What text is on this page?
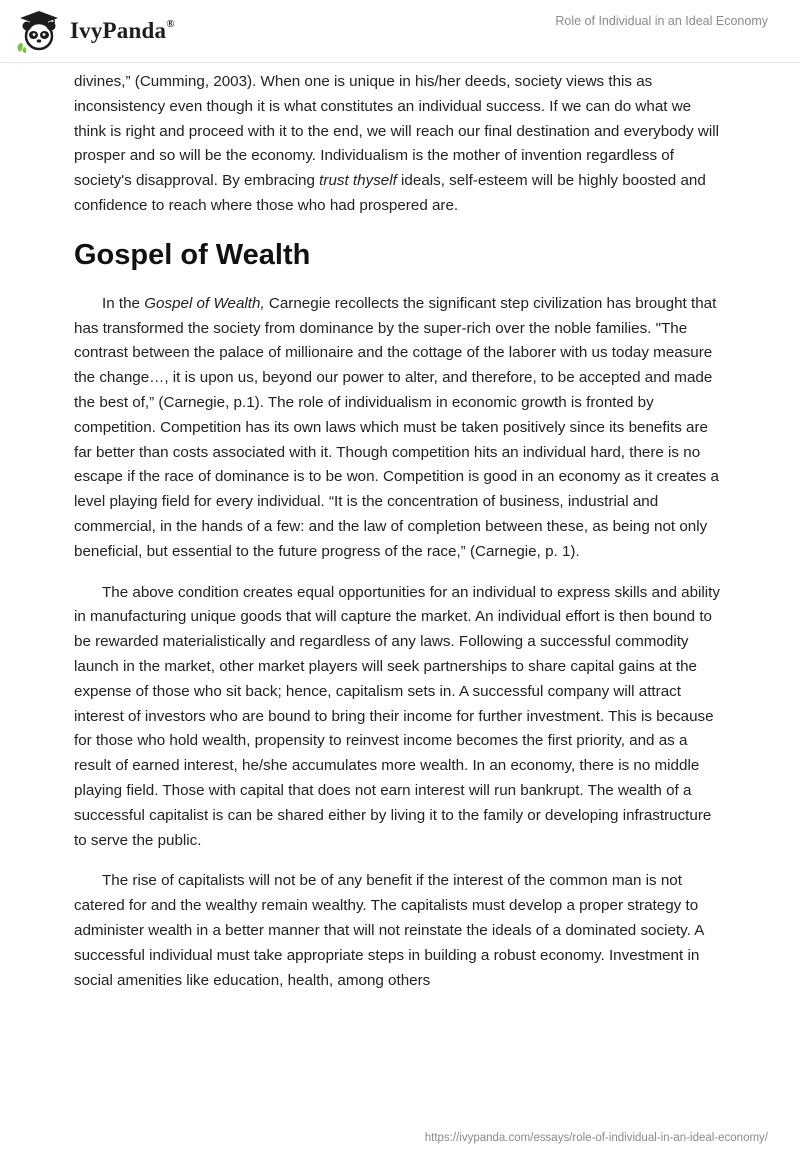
IvyPanda®	Role of Individual in an Ideal Economy

divines,” (Cumming, 2003). When one is unique in his/her deeds, society views this as inconsistency even though it is what constitutes an individual success. If we can do what we think is right and proceed with it to the end, we will reach our final destination and everybody will prosper and so will be the economy. Individualism is the mother of invention regardless of society's disapproval. By embracing trust thyself ideals, self-esteem will be highly boosted and confidence to reach where those who had prospered are.

Gospel of Wealth

In the Gospel of Wealth, Carnegie recollects the significant step civilization has brought that has transformed the society from dominance by the super-rich over the noble families. "The contrast between the palace of millionaire and the cottage of the laborer with us today measure the change…, it is upon us, beyond our power to alter, and therefore, to be accepted and made the best of,” (Carnegie, p.1). The role of individualism in economic growth is fronted by competition. Competition has its own laws which must be taken positively since its benefits are far better than costs associated with it. Though competition hits an individual hard, there is no escape if the race of dominance is to be won. Competition is good in an economy as it creates a level playing field for every individual. “It is the concentration of business, industrial and commercial, in the hands of a few: and the law of completion between these, as being not only beneficial, but essential to the future progress of the race,” (Carnegie, p. 1).

The above condition creates equal opportunities for an individual to express skills and ability in manufacturing unique goods that will capture the market. An individual effort is then bound to be rewarded materialistically and regardless of any laws. Following a successful commodity launch in the market, other market players will seek partnerships to share capital gains at the expense of those who sit back; hence, capitalism sets in. A successful company will attract interest of investors who are bound to bring their income for further investment. This is because for those who hold wealth, propensity to reinvest income becomes the first priority, and as a result of earned interest, he/she accumulates more wealth. In an economy, there is no middle playing field. Those with capital that does not earn interest will run bankrupt. The wealth of a successful capitalist is can be shared either by living it to the family or developing infrastructure to serve the public.

The rise of capitalists will not be of any benefit if the interest of the common man is not catered for and the wealthy remain wealthy. The capitalists must develop a proper strategy to administer wealth in a better manner that will not reinstate the ideals of a dominated society. A successful individual must take appropriate steps in building a robust economy. Investment in social amenities like education, health, among others

https://ivypanda.com/essays/role-of-individual-in-an-ideal-economy/
